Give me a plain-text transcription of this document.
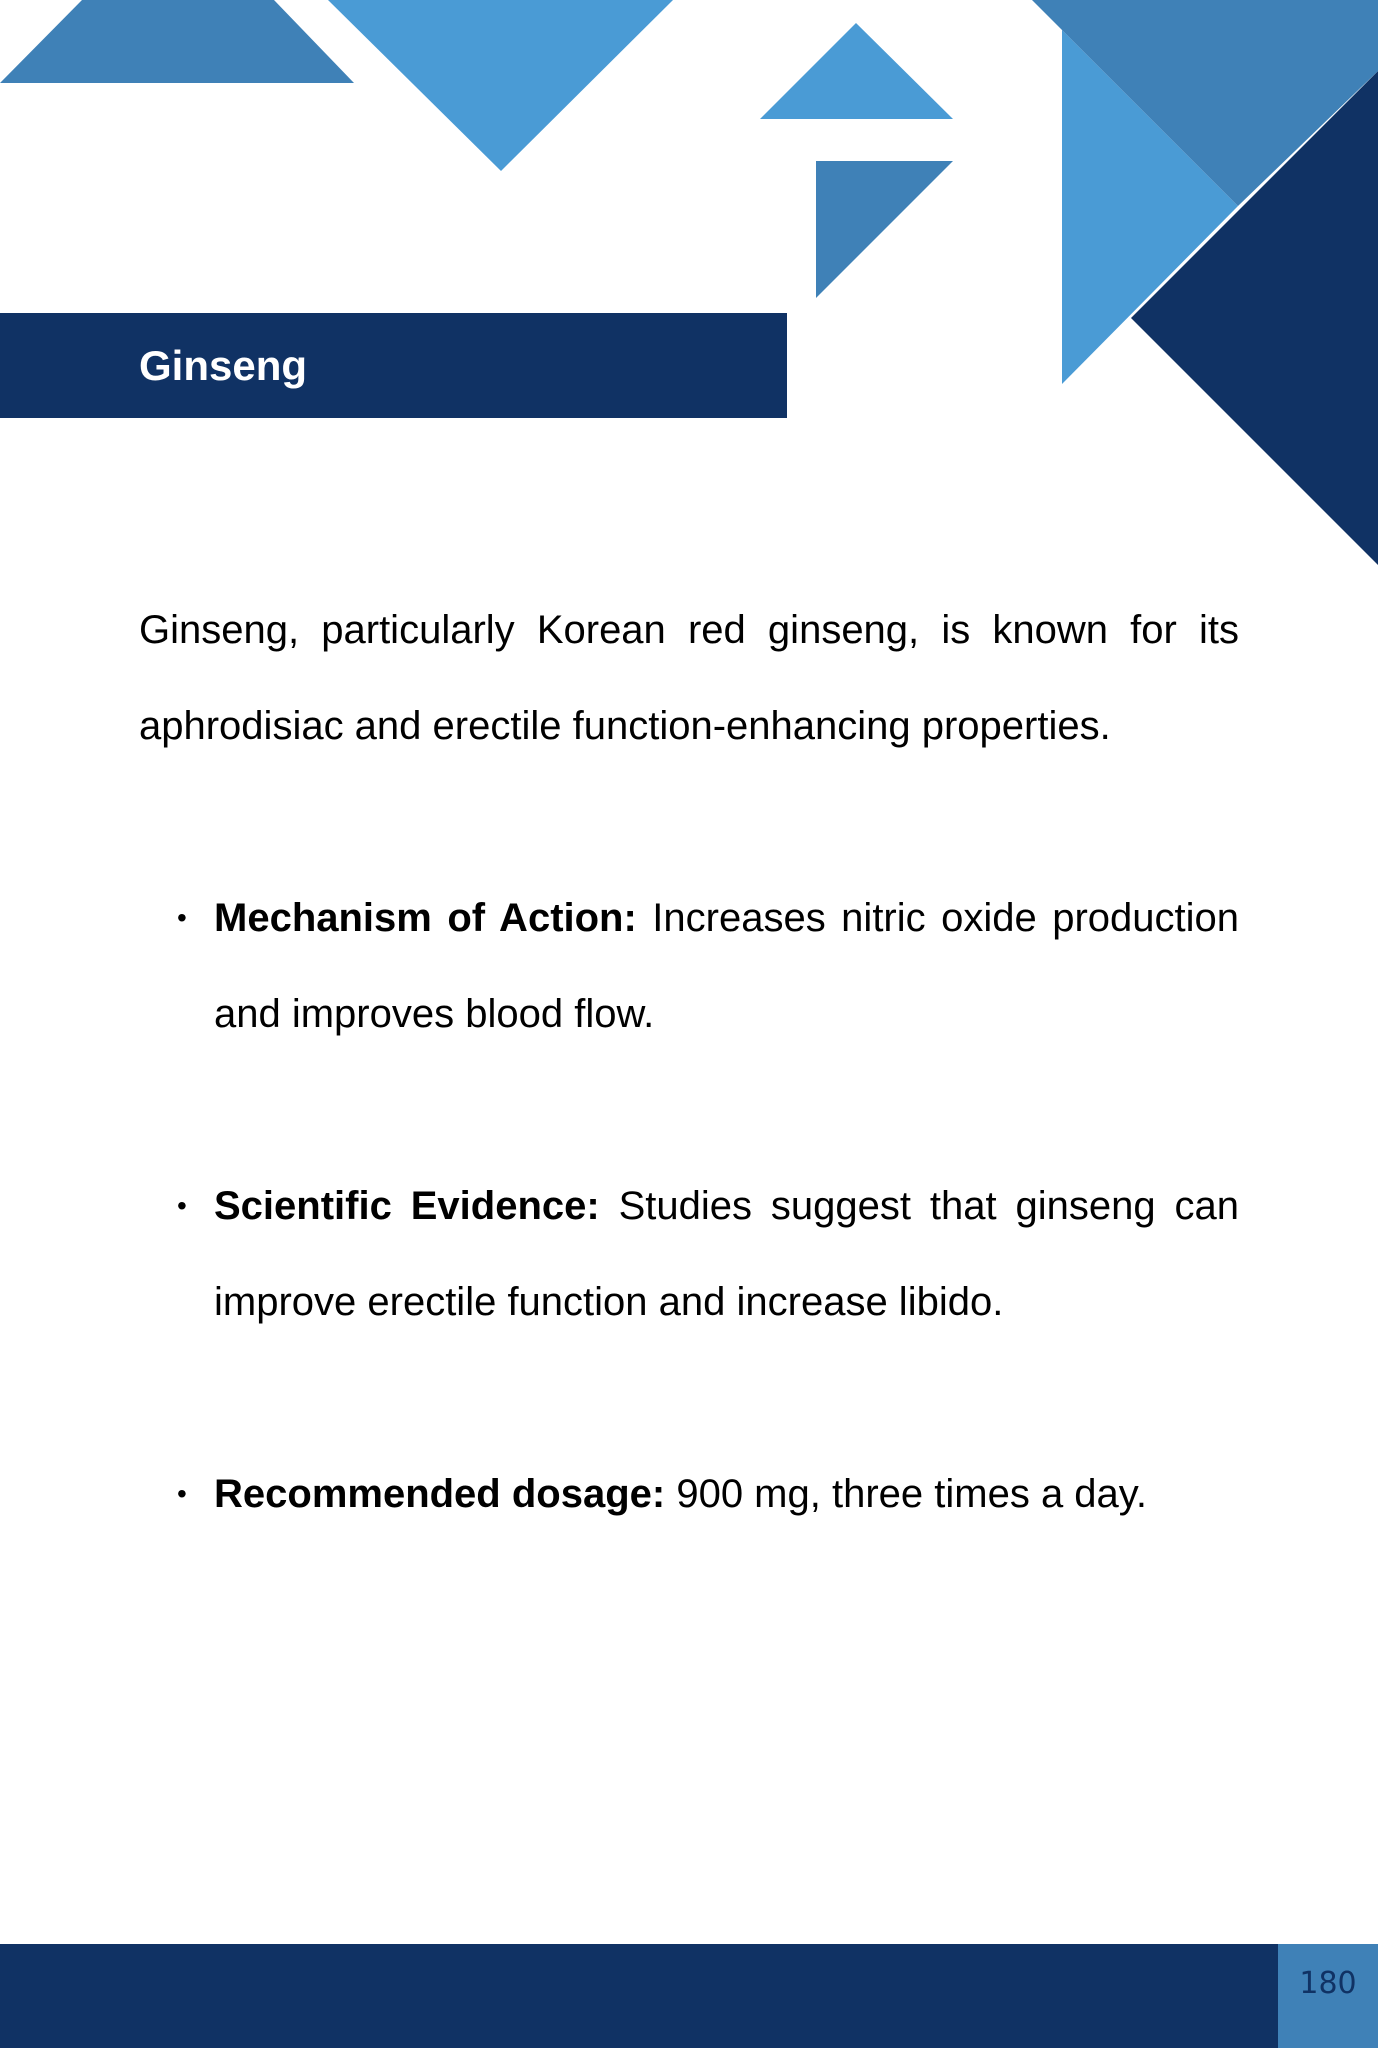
Ginseng

Ginseng, particularly Korean red ginseng, is known for its aphrodisiac and erectile function-enhancing properties.

• Mechanism of Action: Increases nitric oxide production and improves blood flow.
• Scientific Evidence: Studies suggest that ginseng can improve erectile function and increase libido.
• Recommended dosage: 900 mg, three times a day.
180
